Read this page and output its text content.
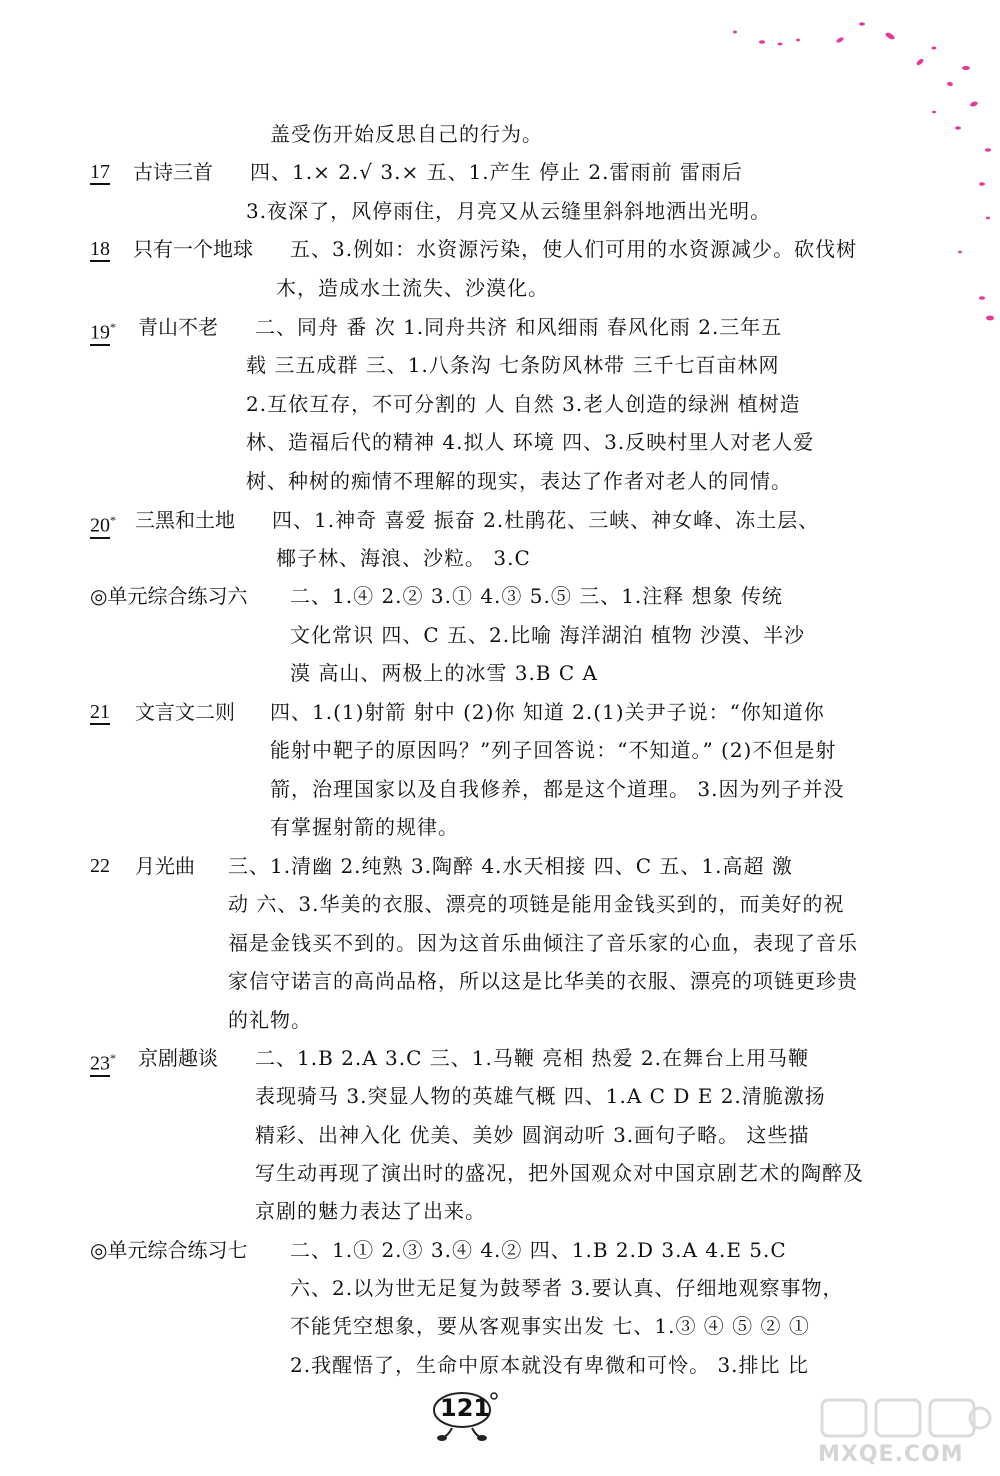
17 古诗三首
18 只有一个地球
19* 青山不老
20* 三黑和土地
◎单元综合练习六
21 文言文二则
22 月光曲
23* 京剧趣谈
◎单元综合练习七
盖受伤开始反思自己的行为。
四、1.× 2.√ 3.× 五、1.产生 停止 2.雷雨前 雷雨后
3.夜深了，风停雨住，月亮又从云缝里斜斜地洒出光明。
五、3.例如：水资源污染，使人们可用的水资源减少。砍伐树
木，造成水土流失、沙漠化。
二、同舟 番 次 1.同舟共济 和风细雨 春风化雨 2.三年五
载 三五成群 三、1.八条沟 七条防风林带 三千七百亩林网
2.互依互存，不可分割的 人 自然 3.老人创造的绿洲 植树造
林、造福后代的精神 4.拟人 环境 四、3.反映村里人对老人爱
树、种树的痴情不理解的现实，表达了作者对老人的同情。
四、1.神奇 喜爱 振奋 2.杜鹃花、三峡、神女峰、冻土层、
椰子林、海浪、沙粒。 3.C
二、1.④ 2.② 3.① 4.③ 5.⑤ 三、1.注释 想象 传统
文化常识 四、C 五、2.比喻 海洋湖泊 植物 沙漠、半沙
漠 高山、两极上的冰雪 3.B C A
四、1.(1)射箭 射中 (2)你 知道 2.(1)关尹子说：“你知道你
能射中靶子的原因吗？”列子回答说：“不知道。” (2)不但是射
箭，治理国家以及自我修养，都是这个道理。 3.因为列子并没
有掌握射箭的规律。
三、1.清幽 2.纯熟 3.陶醉 4.水天相接 四、C 五、1.高超 激
动 六、3.华美的衣服、漂亮的项链是能用金钱买到的，而美好的祝
福是金钱买不到的。因为这首乐曲倾注了音乐家的心血，表现了音乐
家信守诺言的高尚品格，所以这是比华美的衣服、漂亮的项链更珍贵
的礼物。
二、1.B 2.A 3.C 三、1.马鞭 亮相 热爱 2.在舞台上用马鞭
表现骑马 3.突显人物的英雄气概 四、1.A C D E 2.清脆激扬
精彩、出神入化 优美、美妙 圆润动听 3.画句子略。 这些描
写生动再现了演出时的盛况，把外国观众对中国京剧艺术的陶醉及
京剧的魅力表达了出来。
二、1.① 2.③ 3.④ 4.② 四、1.B 2.D 3.A 4.E 5.C
六、2.以为世无足复为鼓琴者 3.要认真、仔细地观察事物，
不能凭空想象，要从客观事实出发 七、1.③ ④ ⑤ ② ①
2.我醒悟了，生命中原本就没有卑微和可怜。 3.排比 比
121
MXQE.COM
